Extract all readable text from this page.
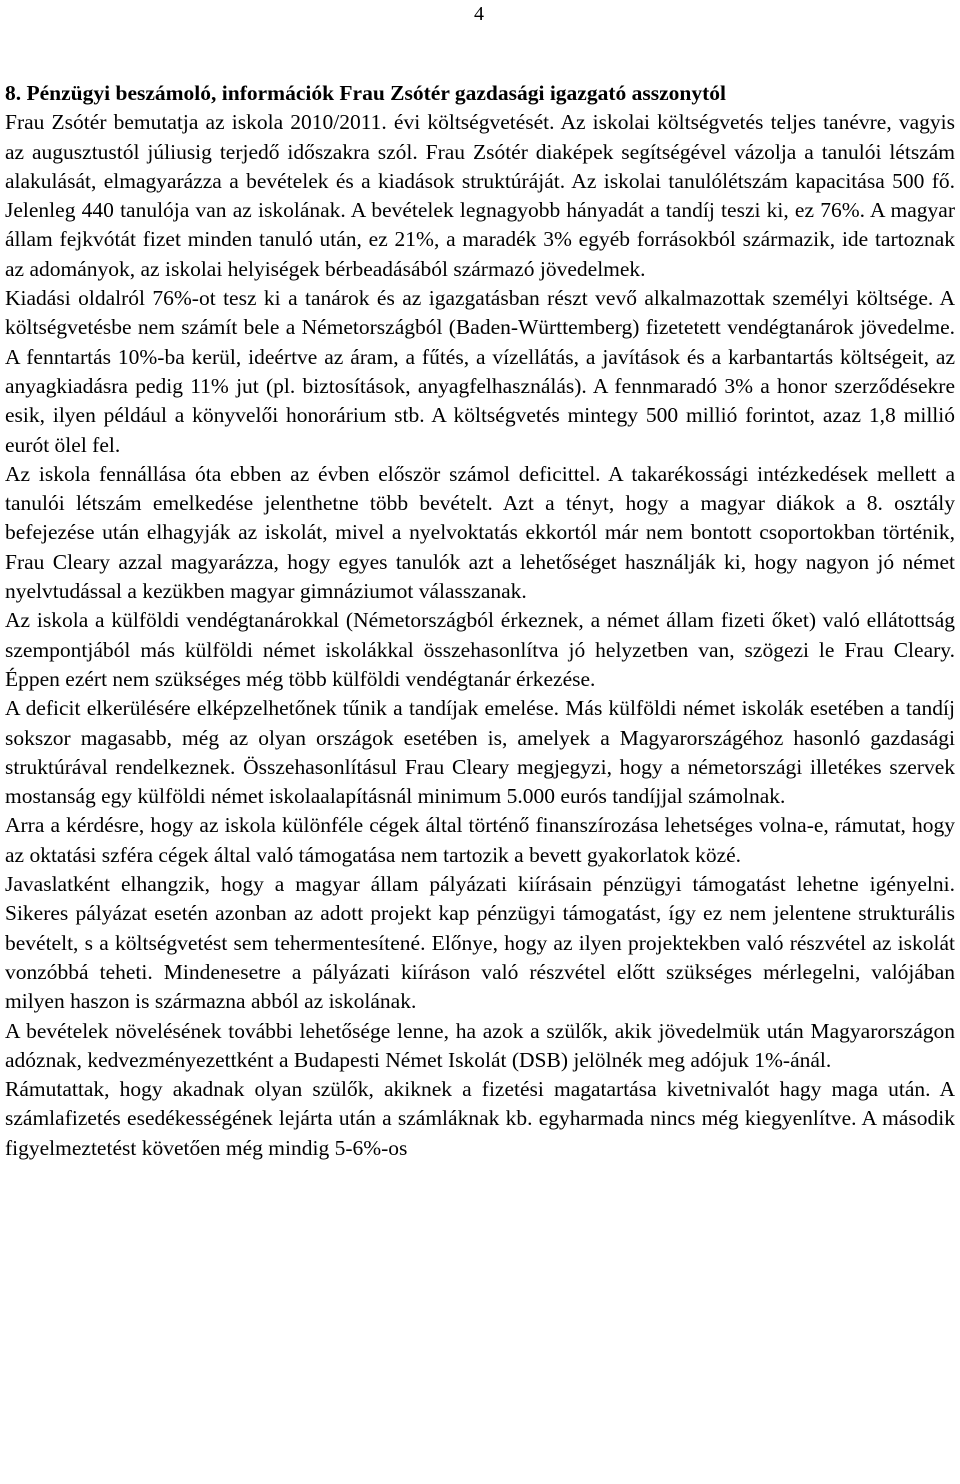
4

8. Pénzügyi beszámoló, információk Frau Zsótér gazdasági igazgató asszonytól

Frau Zsótér bemutatja az iskola 2010/2011. évi költségvetését. Az iskolai költségvetés teljes tanévre, vagyis az augusztustól júliusig terjedő időszakra szól. Frau Zsótér diaképek segítségével vázolja a tanulói létszám alakulását, elmagyarázza a bevételek és a kiadások struktúráját. Az iskolai tanulólétszám kapacitása 500 fő. Jelenleg 440 tanulója van az iskolának. A bevételek legnagyobb hányadát a tandíj teszi ki, ez 76%. A magyar állam fejkvótát fizet minden tanuló után, ez 21%, a maradék 3% egyéb forrásokból származik, ide tartoznak az adományok, az iskolai helyiségek bérbeadásából származó jövedelmek.

Kiadási oldalról 76%-ot tesz ki a tanárok és az igazgatásban részt vevő alkalmazottak személyi költsége. A költségvetésbe nem számít bele a Németországból (Baden-Württemberg) fizetetett vendégtanárok jövedelme. A fenntartás 10%-ba kerül, ideértve az áram, a fűtés, a vízellátás, a javítások és a karbantartás költségeit, az anyagkiadásra pedig 11% jut (pl. biztosítások, anyagfelhasználás). A fennmaradó 3% a honor szerződésekre esik, ilyen például a könyvelői honorárium stb. A költségvetés mintegy 500 millió forintot, azaz 1,8 millió eurót ölel fel.

Az iskola fennállása óta ebben az évben először számol deficittel. A takarékossági intézkedések mellett a tanulói létszám emelkedése jelenthetne több bevételt. Azt a tényt, hogy a magyar diákok a 8. osztály befejezése után elhagyják az iskolát, mivel a nyelvoktatás ekkortól már nem bontott csoportokban történik, Frau Cleary azzal magyarázza, hogy egyes tanulók azt a lehetőséget használják ki, hogy nagyon jó német nyelvtudással a kezükben magyar gimnáziumot válasszanak.

Az iskola a külföldi vendégtanárokkal (Németországból érkeznek, a német állam fizeti őket) való ellátottság szempontjából más külföldi német iskolákkal összehasonlítva jó helyzetben van, szögezi le Frau Cleary. Éppen ezért nem szükséges még több külföldi vendégtanár érkezése.

A deficit elkerülésére elképzelhetőnek tűnik a tandíjak emelése. Más külföldi német iskolák esetében a tandíj sokszor magasabb, még az olyan országok esetében is, amelyek a Magyarországéhoz hasonló gazdasági struktúrával rendelkeznek. Összehasonlításul Frau Cleary megjegyzi, hogy a németországi illetékes szervek mostanság egy külföldi német iskolaalapításnál minimum 5.000 eurós tandíjjal számolnak.

Arra a kérdésre, hogy az iskola különféle cégek által történő finanszírozása lehetséges volna-e, rámutat, hogy az oktatási szféra cégek által való támogatása nem tartozik a bevett gyakorlatok közé.

Javaslatként elhangzik, hogy a magyar állam pályázati kiírásain pénzügyi támogatást lehetne igényelni. Sikeres pályázat esetén azonban az adott projekt kap pénzügyi támogatást, így ez nem jelentene strukturális bevételt, s a költségvetést sem tehermentesítené. Előnye, hogy az ilyen projektekben való részvétel az iskolát vonzóbbá teheti. Mindenesetre a pályázati kiíráson való részvétel előtt szükséges mérlegelni, valójában milyen haszon is származna abból az iskolának.

A bevételek növelésének további lehetősége lenne, ha azok a szülők, akik jövedelmük után Magyarországon adóznak, kedvezményezettként a Budapesti Német Iskolát (DSB) jelölnék meg adójuk 1%-ánál.

Rámutattak, hogy akadnak olyan szülők, akiknek a fizetési magatartása kivetnivalót hagy maga után. A számlafizetés esedékességének lejárta után a számláknak kb. egyharmada nincs még kiegyenlítve. A második figyelmeztetést követően még mindig 5-6%-os
